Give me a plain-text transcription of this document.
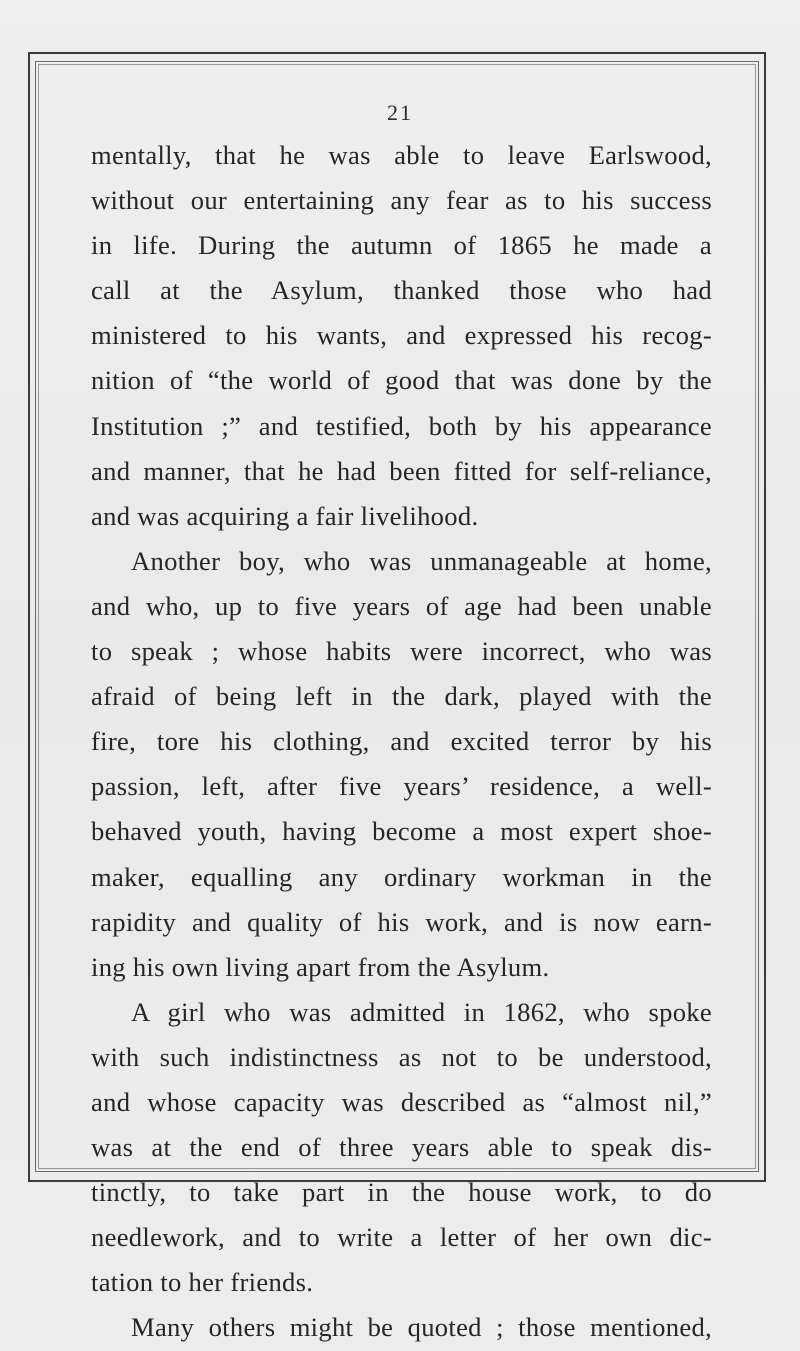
21
mentally, that he was able to leave Earlswood,
without our entertaining any fear as to his success
in life. During the autumn of 1865 he made a
call at the Asylum, thanked those who had
ministered to his wants, and expressed his recog-
nition of “the world of good that was done by the
Institution ;” and testified, both by his appearance
and manner, that he had been fitted for self-reliance,
and was acquiring a fair livelihood.
Another boy, who was unmanageable at home,
and who, up to five years of age had been unable
to speak ; whose habits were incorrect, who was
afraid of being left in the dark, played with the
fire, tore his clothing, and excited terror by his
passion, left, after five years’ residence, a well-
behaved youth, having become a most expert shoe-
maker, equalling any ordinary workman in the
rapidity and quality of his work, and is now earn-
ing his own living apart from the Asylum.
A girl who was admitted in 1862, who spoke
with such indistinctness as not to be understood,
and whose capacity was described as “almost nil,”
was at the end of three years able to speak dis-
tinctly, to take part in the house work, to do
needlework, and to write a letter of her own dic-
tation to her friends.
Many others might be quoted ; those mentioned,
